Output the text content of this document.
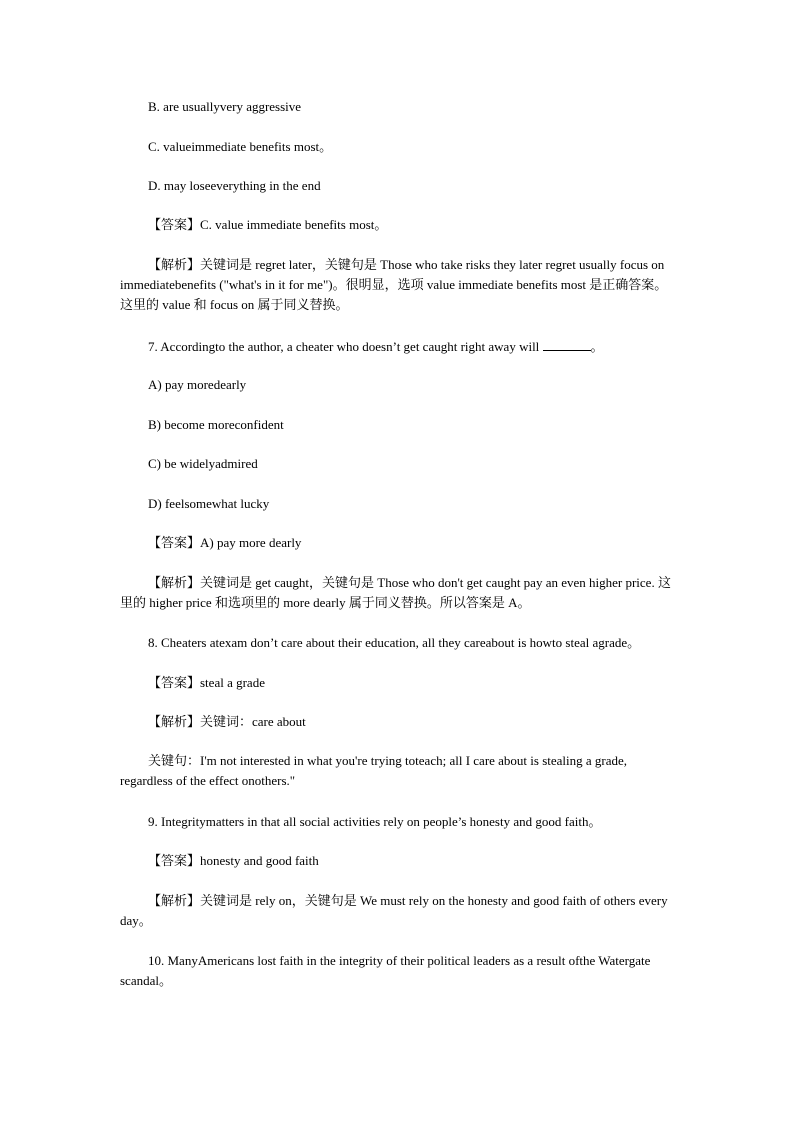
B. are usuallyvery aggressive
C. valueimmediate benefits most。
D. may loseeverything in the end
【答案】C. value immediate benefits most。
【解析】关键词是 regret later，关键句是 Those who take risks they later regret usually focus on immediatebenefits ("what's in it for me")。很明显，选项 value immediate benefits most 是正确答案。这里的 value 和 focus on 属于同义替换。
7. Accordingto the author, a cheater who doesn’t get caught right away will	。
A) pay moredearly
B) become moreconfident
C) be widelyadmired
D) feelsomewhat lucky
【答案】A) pay more dearly
【解析】关键词是 get caught，关键句是 Those who don't get caught pay an even higher price. 这里的 higher price 和选项里的 more dearly 属于同义替换。所以答案是 A。
8. Cheaters atexam don’t care about their education, all they careabout is howto steal agrade。
【答案】steal a grade
【解析】关键词：care about
关键句：I'm not interested in what you're trying toteach; all I care about is stealing a grade, regardless of the effect onothers."
9. Integritymatters in that all social activities rely on people’s honesty and good faith。
【答案】honesty and good faith
【解析】关键词是 rely on，关键句是 We must rely on the honesty and good faith of others every day。
10. ManyAmericans lost faith in the integrity of their political leaders as a result ofthe Watergate scandal。
